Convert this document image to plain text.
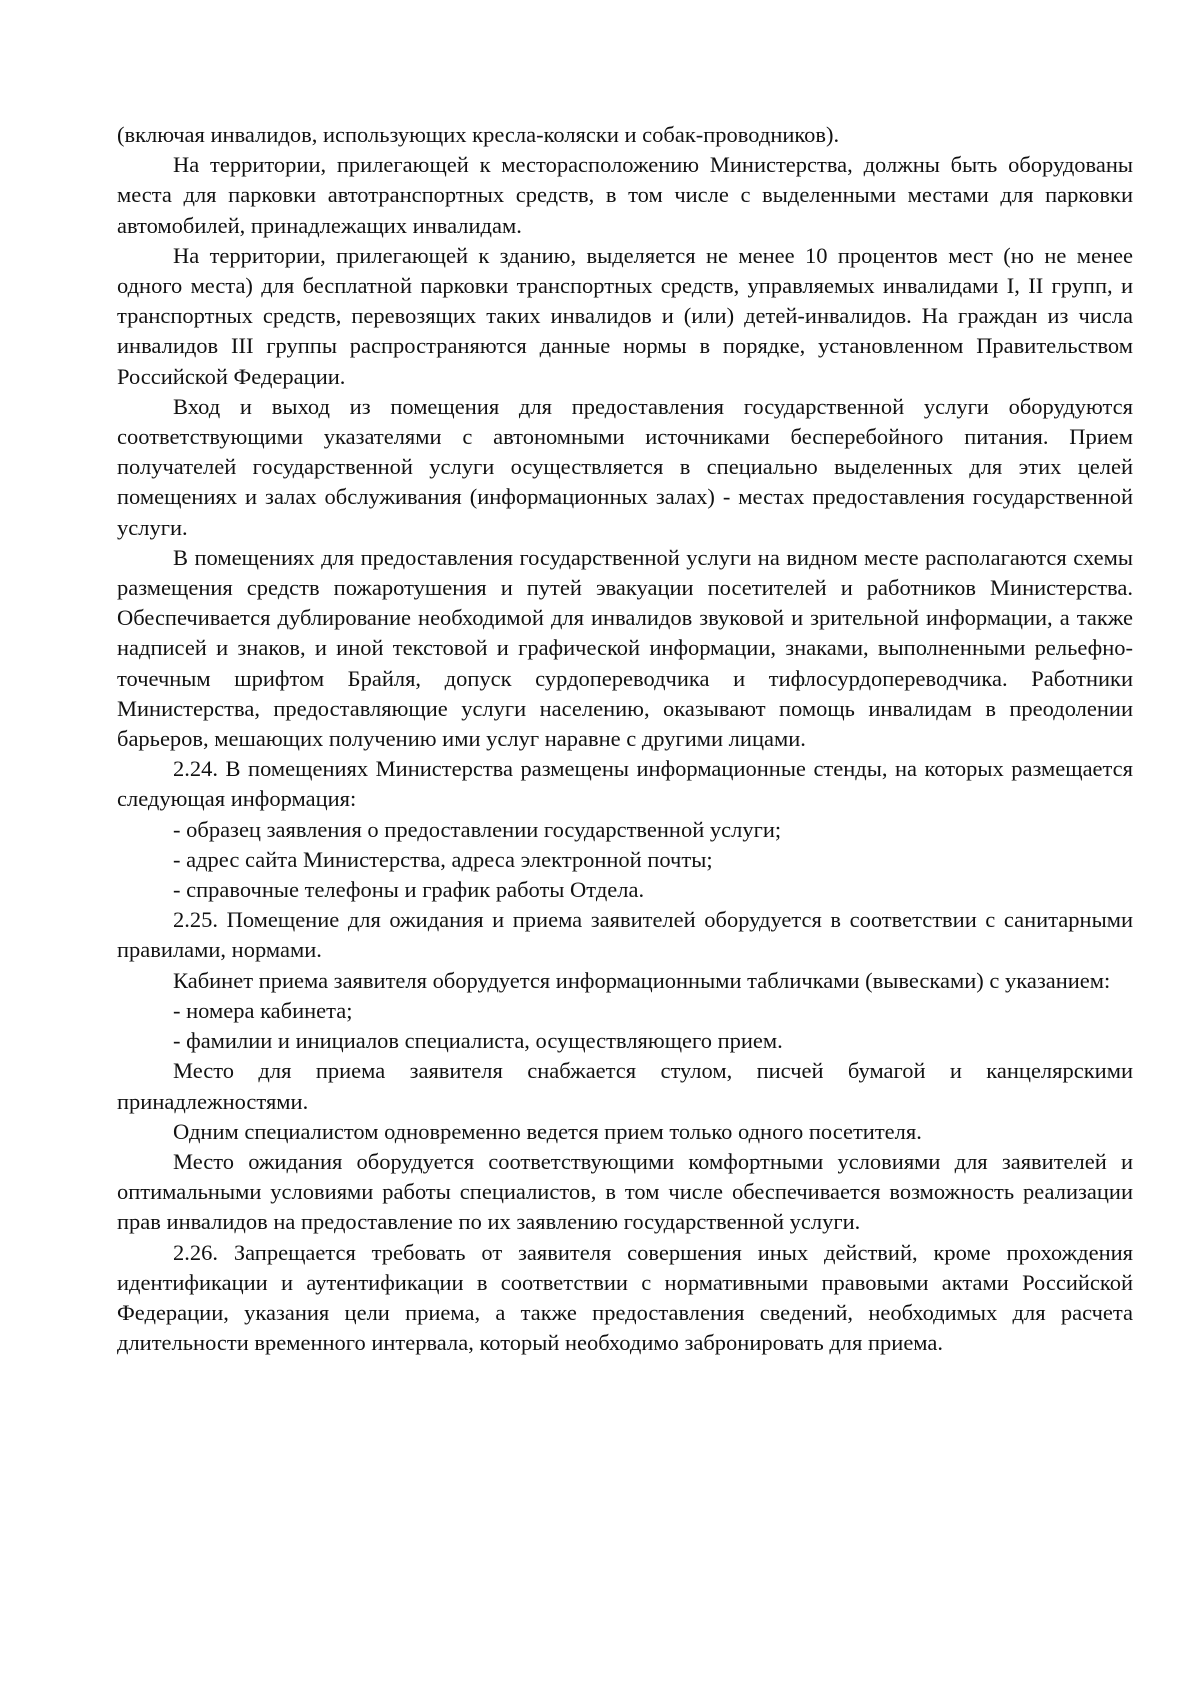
(включая инвалидов, использующих кресла-коляски и собак-проводников).

На территории, прилегающей к месторасположению Министерства, должны быть оборудованы места для парковки автотранспортных средств, в том числе с выделенными местами для парковки автомобилей, принадлежащих инвалидам.

На территории, прилегающей к зданию, выделяется не менее 10 процентов мест (но не менее одного места) для бесплатной парковки транспортных средств, управляемых инвалидами I, II групп, и транспортных средств, перевозящих таких инвалидов и (или) детей-инвалидов. На граждан из числа инвалидов III группы распространяются данные нормы в порядке, установленном Правительством Российской Федерации.

Вход и выход из помещения для предоставления государственной услуги оборудуются соответствующими указателями с автономными источниками бесперебойного питания. Прием получателей государственной услуги осуществляется в специально выделенных для этих целей помещениях и залах обслуживания (информационных залах) - местах предоставления государственной услуги.

В помещениях для предоставления государственной услуги на видном месте располагаются схемы размещения средств пожаротушения и путей эвакуации посетителей и работников Министерства. Обеспечивается дублирование необходимой для инвалидов звуковой и зрительной информации, а также надписей и знаков, и иной текстовой и графической информации, знаками, выполненными рельефно-точечным шрифтом Брайля, допуск сурдопереводчика и тифлосурдопереводчика. Работники Министерства, предоставляющие услуги населению, оказывают помощь инвалидам в преодолении барьеров, мешающих получению ими услуг наравне с другими лицами.

2.24. В помещениях Министерства размещены информационные стенды, на которых размещается следующая информация:

- образец заявления о предоставлении государственной услуги;

- адрес сайта Министерства, адреса электронной почты;

- справочные телефоны и график работы Отдела.

2.25. Помещение для ожидания и приема заявителей оборудуется в соответствии с санитарными правилами, нормами.

Кабинет приема заявителя оборудуется информационными табличками (вывесками) с указанием:

- номера кабинета;

- фамилии и инициалов специалиста, осуществляющего прием.

Место для приема заявителя снабжается стулом, писчей бумагой и канцелярскими принадлежностями.

Одним специалистом одновременно ведется прием только одного посетителя.

Место ожидания оборудуется соответствующими комфортными условиями для заявителей и оптимальными условиями работы специалистов, в том числе обеспечивается возможность реализации прав инвалидов на предоставление по их заявлению государственной услуги.

2.26. Запрещается требовать от заявителя совершения иных действий, кроме прохождения идентификации и аутентификации в соответствии с нормативными правовыми актами Российской Федерации, указания цели приема, а также предоставления сведений, необходимых для расчета длительности временного интервала, который необходимо забронировать для приема.
